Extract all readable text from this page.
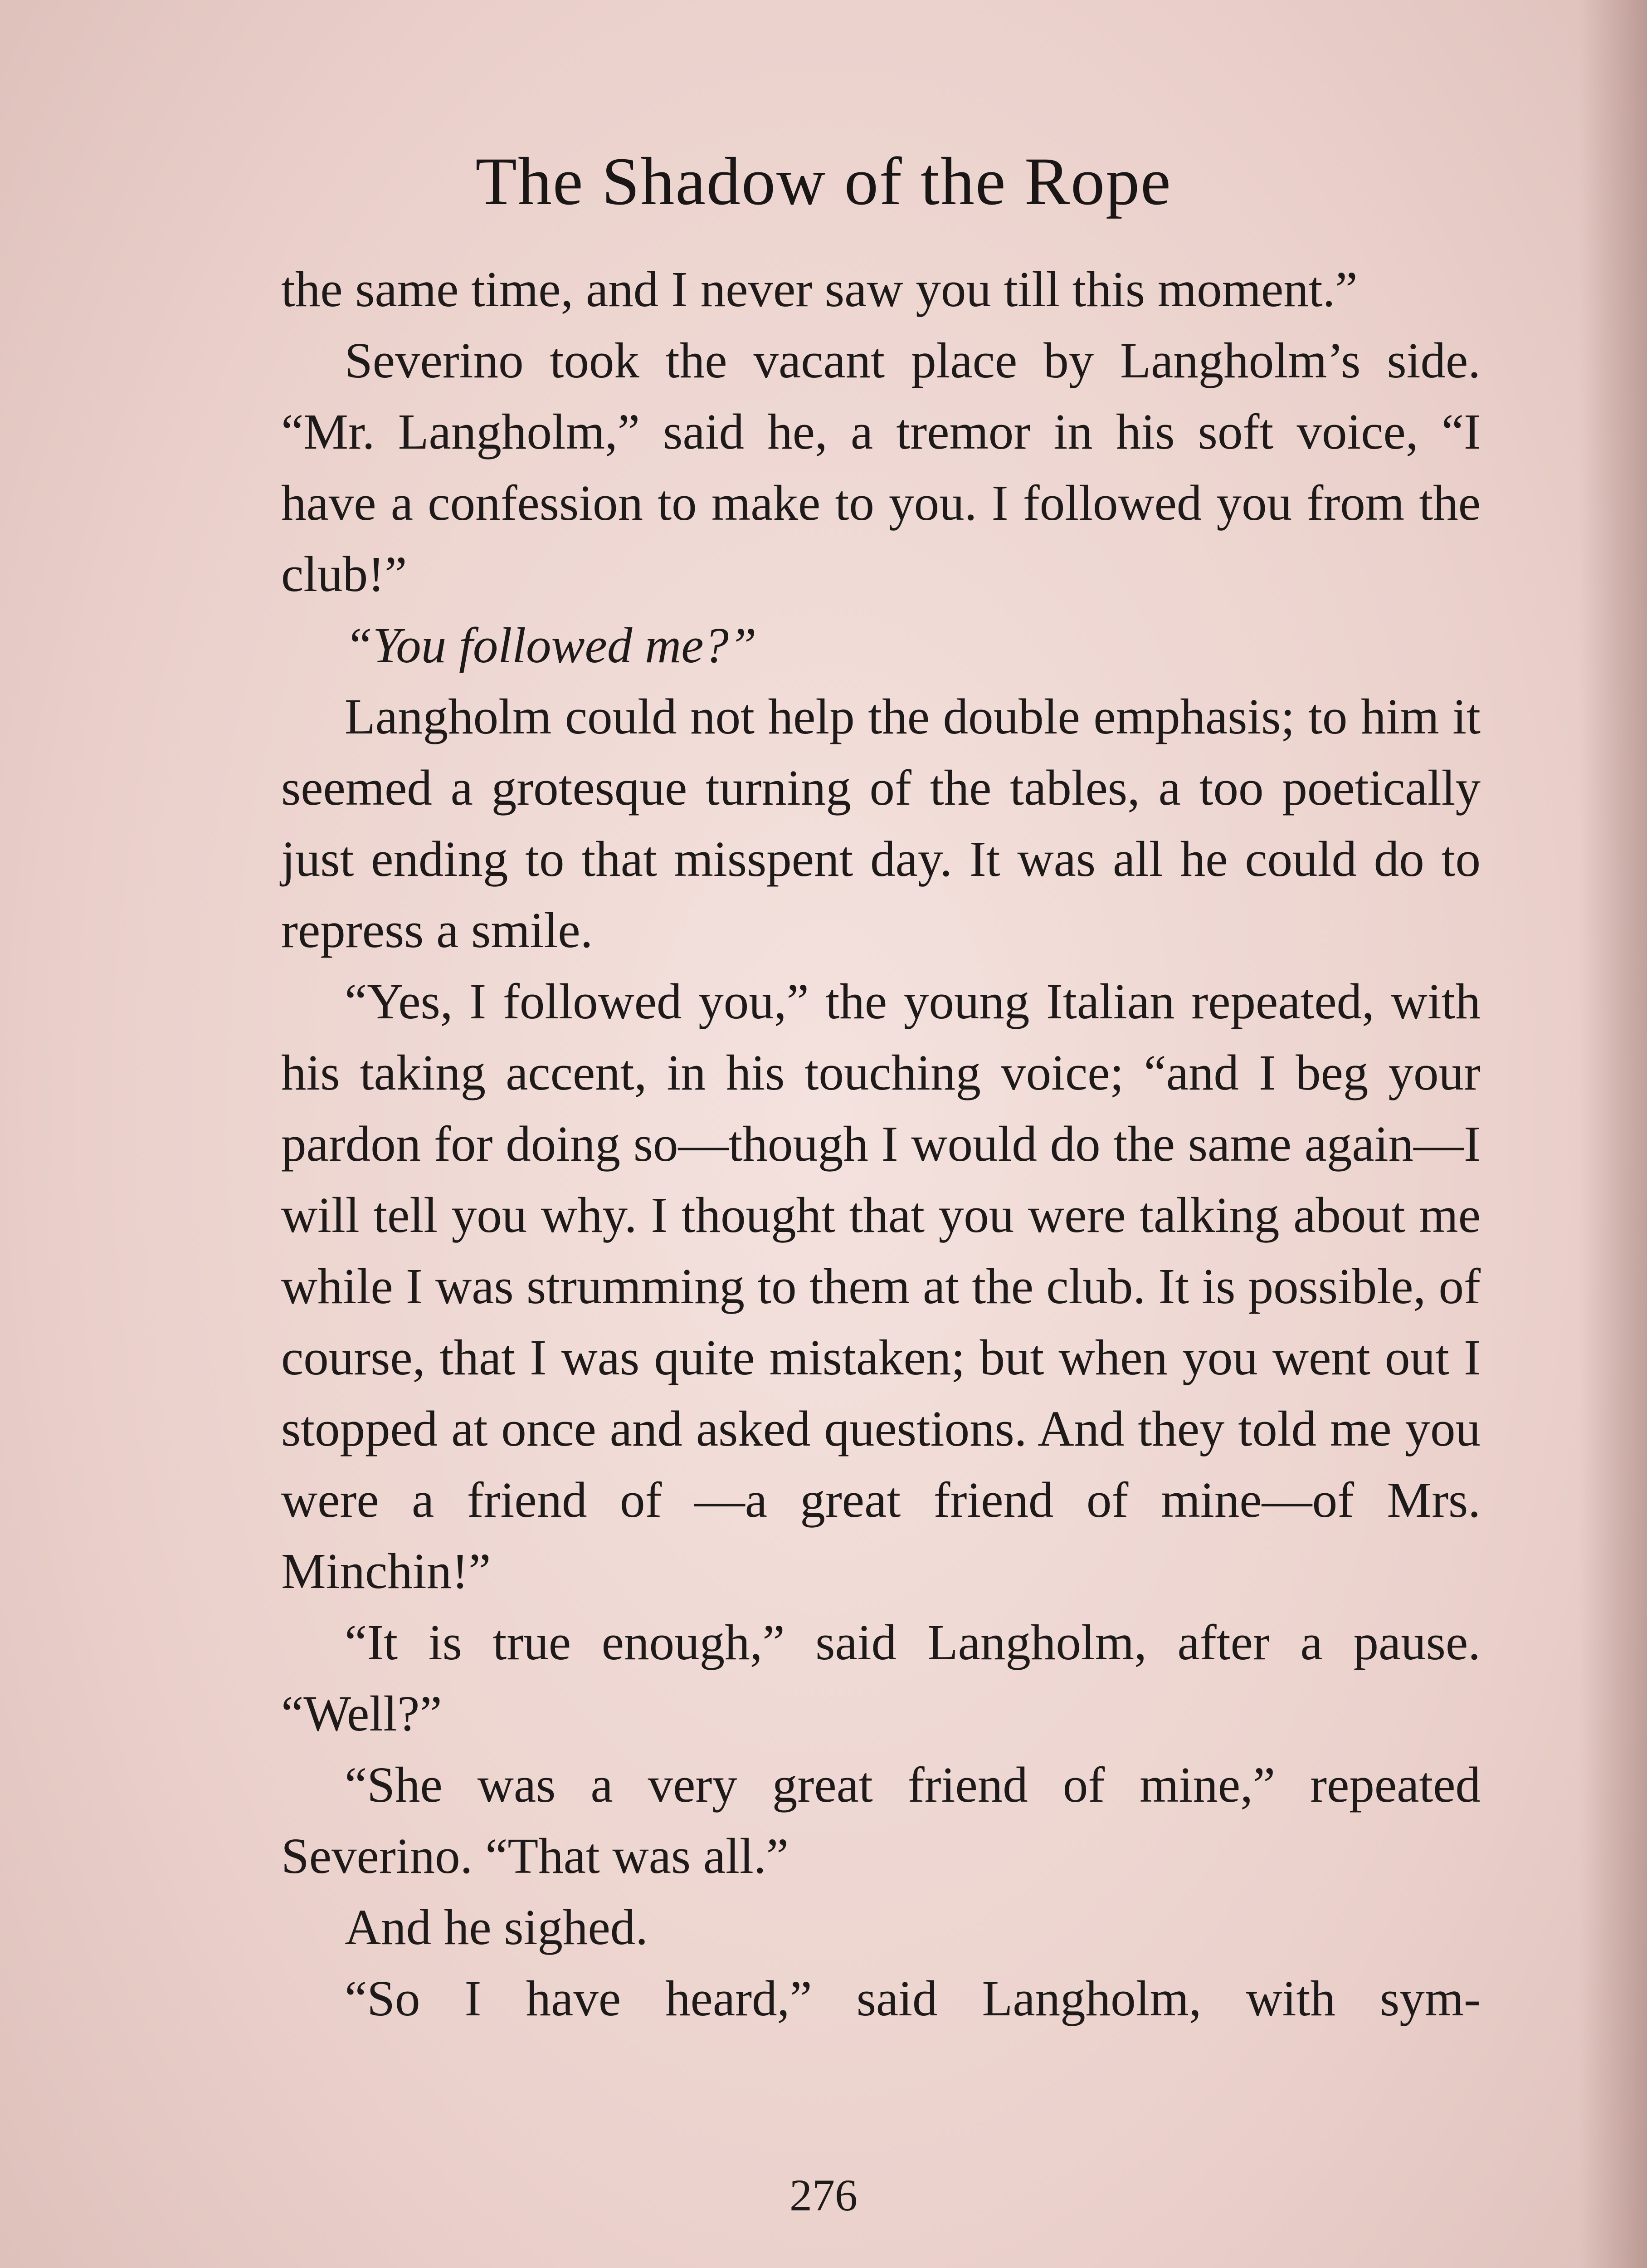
The Shadow of the Rope

the same time, and I never saw you till this moment.”

Severino took the vacant place by Langholm’s side. “Mr. Langholm,” said he, a tremor in his soft voice, “I have a confession to make to you. I followed you from the club!”

“You followed me?”

Langholm could not help the double emphasis; to him it seemed a grotesque turning of the tables, a too poetically just ending to that misspent day. It was all he could do to repress a smile.

“Yes, I followed you,” the young Italian repeated, with his taking accent, in his touching voice; “and I beg your pardon for doing so—though I would do the same again—I will tell you why. I thought that you were talking about me while I was strumming to them at the club. It is possible, of course, that I was quite mistaken; but when you went out I stopped at once and asked questions. And they told me you were a friend of —a great friend of mine—of Mrs. Minchin!”

“It is true enough,” said Langholm, after a pause. “Well?”

“She was a very great friend of mine,” repeated Severino. “That was all.”

And he sighed.

“So I have heard,” said Langholm, with sym-

276
